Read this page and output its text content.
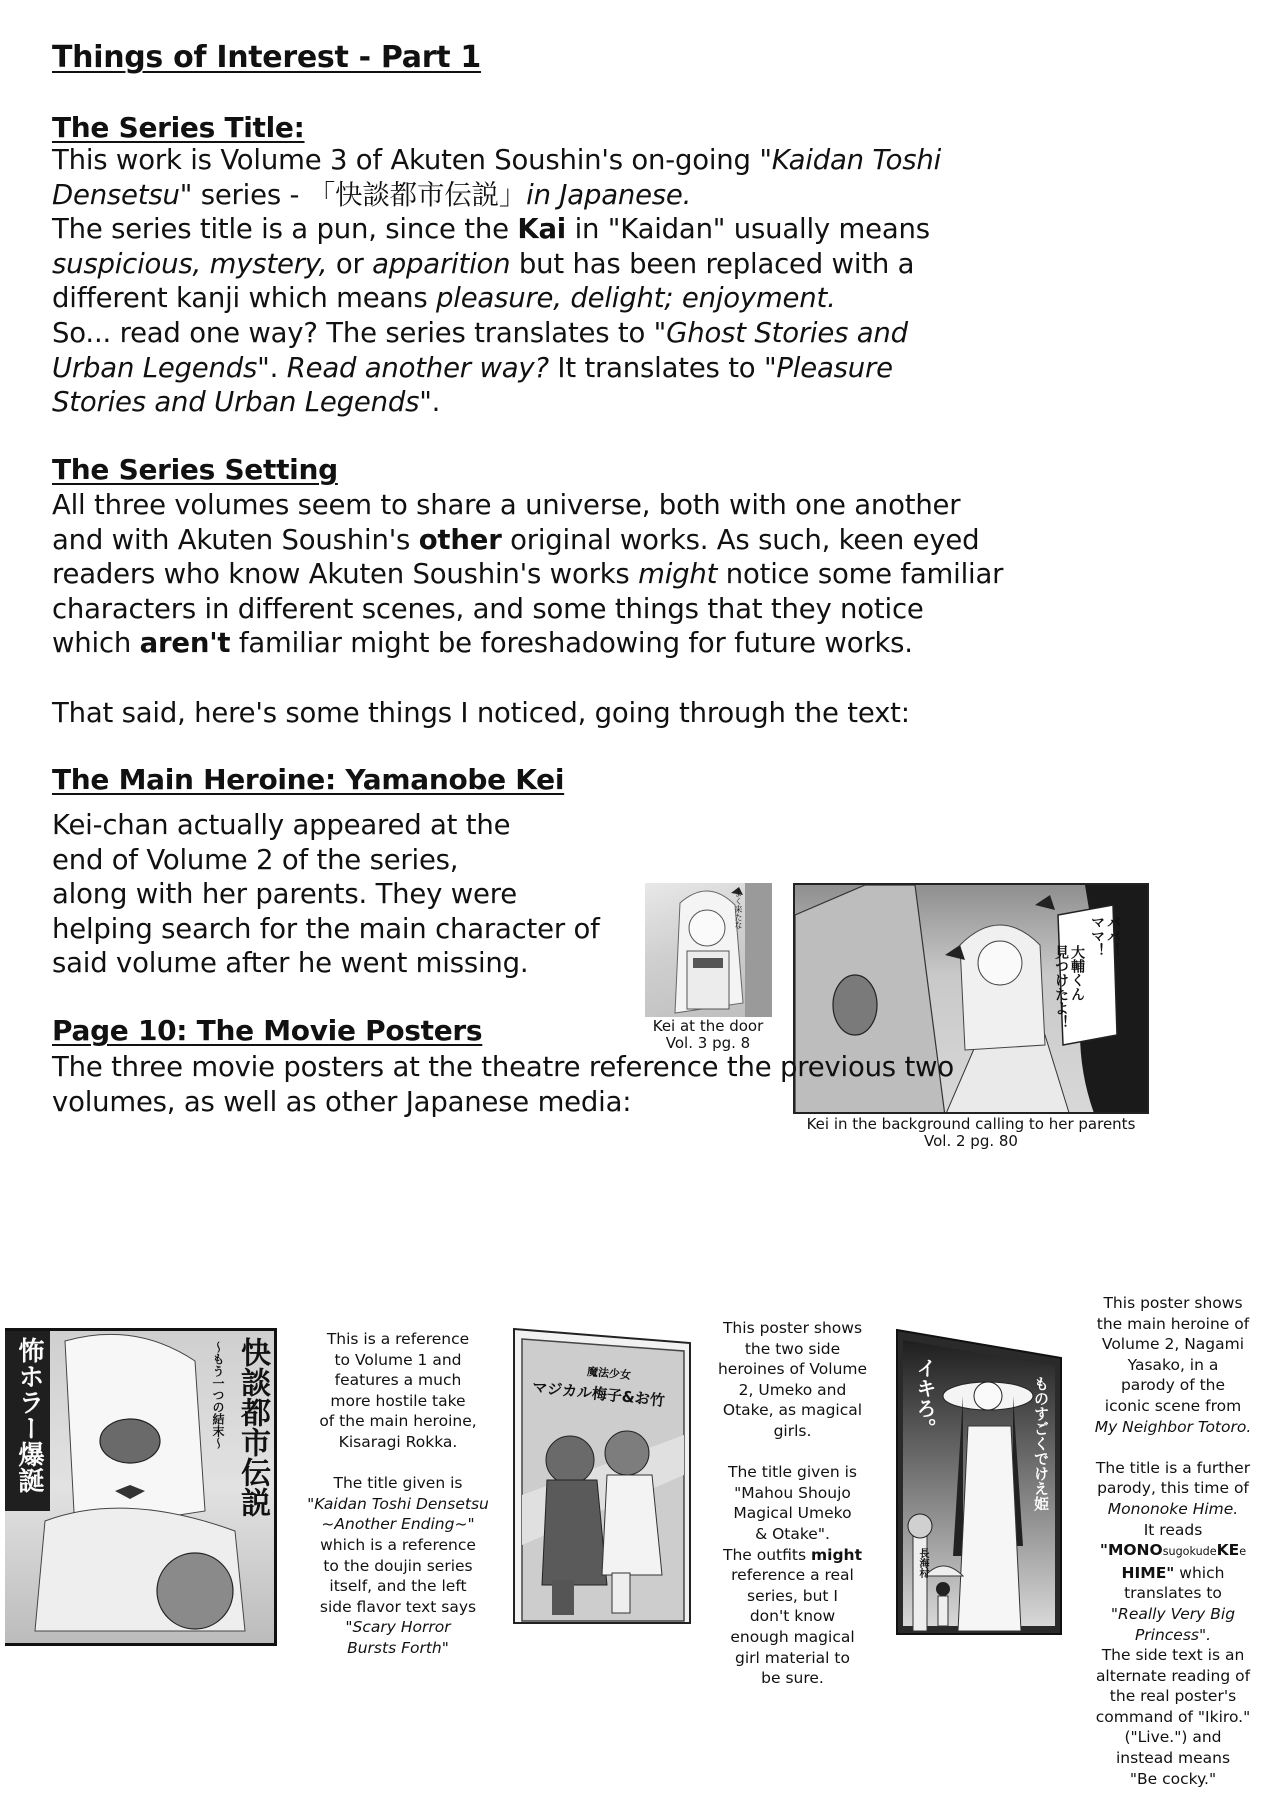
Things of Interest - Part 1
The Series Title:
This work is Volume 3 of Akuten Soushin's on-going "Kaidan Toshi
Densetsu" series - 「快談都市伝説」in Japanese.
The series title is a pun, since the Kai in "Kaidan" usually means
suspicious, mystery, or apparition but has been replaced with a
different kanji which means pleasure, delight; enjoyment.
So... read one way? The series translates to "Ghost Stories and
Urban Legends". Read another way? It translates to "Pleasure
Stories and Urban Legends".
The Series Setting
All three volumes seem to share a universe, both with one another
and with Akuten Soushin's other original works. As such, keen eyed
readers who know Akuten Soushin's works might notice some familiar
characters in different scenes, and some things that they notice
which aren't familiar might be foreshadowing for future works.
That said, here's some things I noticed, going through the text:
The Main Heroine: Yamanobe Kei
Kei-chan actually appeared at the
end of Volume 2 of the series,
along with her parents. They were
helping search for the main character of
said volume after he went missing.
よく来たな
Kei at the door
Vol. 3 pg. 8
パパ！
ママ！
大輔くん
見つけたよ！
Kei in the background calling to her parents
Vol. 2 pg. 80
Page 10: The Movie Posters
The three movie posters at the theatre reference the previous two
volumes, as well as other Japanese media:
怖ホラー爆誕	快談都市伝説
〜もう一つの結末〜
This is a reference
to Volume 1 and
features a much
more hostile take
of the main heroine,
Kisaragi Rokka.

The title given is
"Kaidan Toshi Densetsu
~Another Ending~"
which is a reference
to the doujin series
itself, and the left
side flavor text says
"Scary Horror
Bursts Forth"
魔法少女
マジカル梅子&お竹
This poster shows
the two side
heroines of Volume
2, Umeko and
Otake, as magical
girls.

The title given is
"Mahou Shoujo
Magical Umeko
& Otake".
The outfits might
reference a real
series, but I
don't know
enough magical
girl material to
be sure.
イキろ。	ものすごくでけえ姫
長海村
This poster shows
the main heroine of
Volume 2, Nagami
Yasako, in a
parody of the
iconic scene from
My Neighbor Totoro.

The title is a further
parody, this time of
Mononoke Hime.
It reads
"MONOsugokudeKEe
HIME" which
translates to
"Really Very Big
Princess".
The side text is an
alternate reading of
the real poster's
command of "Ikiro."
("Live.") and
instead means
"Be cocky."
